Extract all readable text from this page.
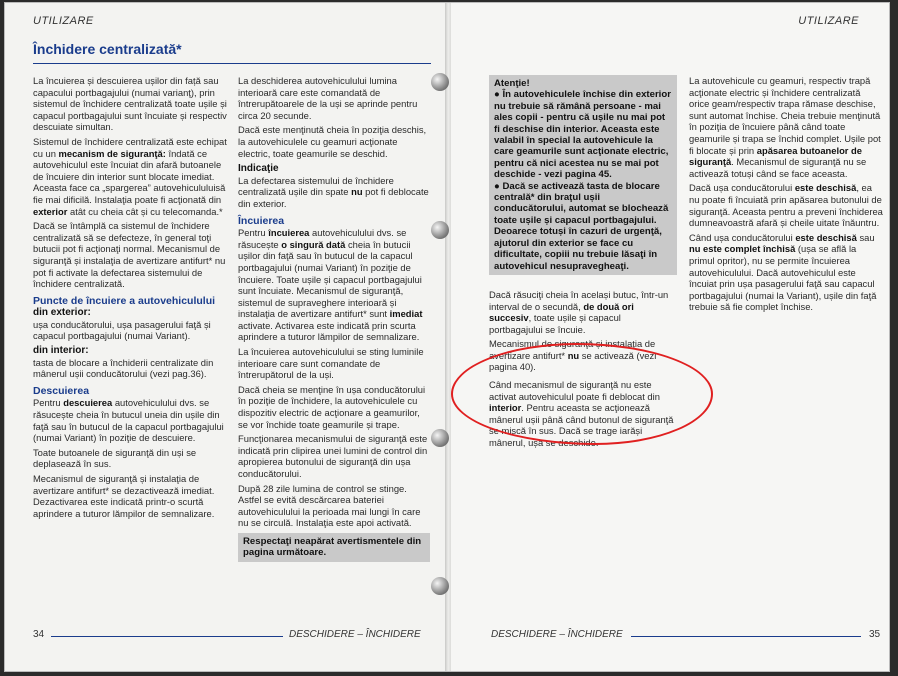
UTILIZARE
Închidere centralizată*

La încuierea și descuierea ușilor din față sau capacului portbagajului (numai varianţ), prin sistemul de închidere centralizată toate ușile și capacul portbagajului sunt încuiate și respectiv descuiate simultan.

Sistemul de închidere centralizată este echipat cu un mecanism de siguranţă: îndată ce autovehiculul este încuiat din afară butoanele de încuiere din interior sunt blocate imediat. Aceasta face ca „spargerea” autovehicululuisă fie mai dificilă. Instalaţia poate fi acţionată din exterior atât cu cheia cât și cu telecomanda.*

Dacă se întâmplă ca sistemul de închidere centralizată să se defecteze, în general toţi butucii pot fi acţionaţi normal. Mecanismul de siguranţă și instalaţia de avertizare antifurt* nu pot fi activate la defectarea sistemului de închidere centralizată.

Puncte de încuiere a autovehiculului
din exterior:

ușa conducătorului, ușa pasagerului faţă și capacul portbagajului (numai Variant).

din interior:

tasta de blocare a închiderii centralizate din mânerul ușii conducătorului (vezi pag.36).

Descuierea

Pentru descuierea autovehiculului dvs. se răsucește cheia în butucul uneia din ușile din faţă sau în butucul de la capacul portbagajului (numai Variant) în poziţie de descuiere.

Toate butoanele de siguranţă din uși se deplasează în sus.

Mecanismul de siguranţă și instalaţia de avertizare antifurt* se dezactivează imediat. Dezactivarea este indicată printr-o scurtă aprindere a tuturor lămpilor de semnalizare.

La deschiderea autovehiculului lumina interioară care este comandată de întrerupătoarele de la uși se aprinde pentru circa 20 secunde.

Dacă este menţinută cheia în poziţia deschis, la autovehiculele cu geamuri acţionate electric, toate geamurile se deschid.

Indicaţie

La defectarea sistemului de închidere centralizată ușile din spate nu pot fi deblocate din exterior.

Încuierea

Pentru încuierea autovehiculului dvs. se răsucește o singură dată cheia în butucii ușilor din faţă sau în butucul de la capacul portbagajului (numai Variant) în poziţie de încuiere. Toate ușile și capacul portbagajului sunt încuiate. Mecanismul de siguranţă, sistemul de supraveghere interioară și instalaţia de avertizare antifurt* sunt imediat activate. Activarea este indicată prin scurta aprindere a tuturor lămpilor de semnalizare.

La încuierea autovehiculului se sting luminile interioare care sunt comandate de întrerupătorul de la uși.

Dacă cheia se menţine în ușa conducătorului în poziţie de închidere, la autovehiculele cu dispozitiv electric de acţionare a geamurilor, se vor închide toate geamurile și trape.

Funcţionarea mecanismului de siguranţă este indicată prin clipirea unei lumini de control din apropierea butonului de siguranţă din ușa conducătorului.

După 28 zile lumina de control se stinge. Astfel se evită descărcarea bateriei autovehiculului la perioada mai lungi în care nu se circulă. Instalaţia este apoi activată.

Respectaţi neapărat avertismentele din pagina următoare.
34	DESCHIDERE – ÎNCHIDERE
UTILIZARE
Atenţie!
● În autovehiculele închise din exterior nu trebuie să rămână persoane - mai ales copii - pentru că ușile nu mai pot fi deschise din interior. Aceasta este valabil în special la autovehicule la care geamurile sunt acţionate electric, pentru că nici acestea nu se mai pot deschide - vezi pagina 45.
● Dacă se activează tasta de blocare centrală* din braţul ușii conducătorului, automat se blochează toate ușile și capacul portbagajului.
Deoarece totuși în cazuri de urgenţă, ajutorul din exterior se face cu dificultate, copiii nu trebuie lăsaţi în autovehicul nesupravegheaţi.

Dacă răsuciţi cheia în același butuc, într-un interval de o secundă, de două ori succesiv, toate ușile și capacul portbagajului se încuie.

Mecanismul de siguranţă și instalaţia de avertizare antifurt* nu se activează (vezi pagina 40).

Când mecanismul de siguranţă nu este activat autovehiculul poate fi deblocat din interior. Pentru aceasta se acţionează mânerul ușii până când butonul de siguranţă se mișcă în sus. Dacă se trage iarăși mânerul, ușa se deschide.

La autovehicule cu geamuri, respectiv trapă acţionate electric și închidere centralizată orice geam/respectiv trapa rămase deschise, sunt automat închise. Cheia trebuie menţinută în poziţia de încuiere până când toate geamurile și trapa se închid complet. Ușile pot fi blocate și prin apăsarea butoanelor de siguranţă. Mecanismul de siguranţă nu se activează totuși când se face aceasta.

Dacă ușa conducătorului este deschisă, ea nu poate fi încuiată prin apăsarea butonului de siguranţă. Aceasta pentru a preveni închiderea dumneavoastră afară și cheile uitate înăuntru.

Când ușa conducătorului este deschisă sau nu este complet închisă (ușa se află la primul opritor), nu se permite încuierea autovehiculului. Dacă autovehiculul este încuiat prin ușa pasagerului faţă sau capacul portbagajului (numai la Variant), ușile din faţă trebuie să fie complet închise.

DESCHIDERE – ÎNCHIDERE	35
